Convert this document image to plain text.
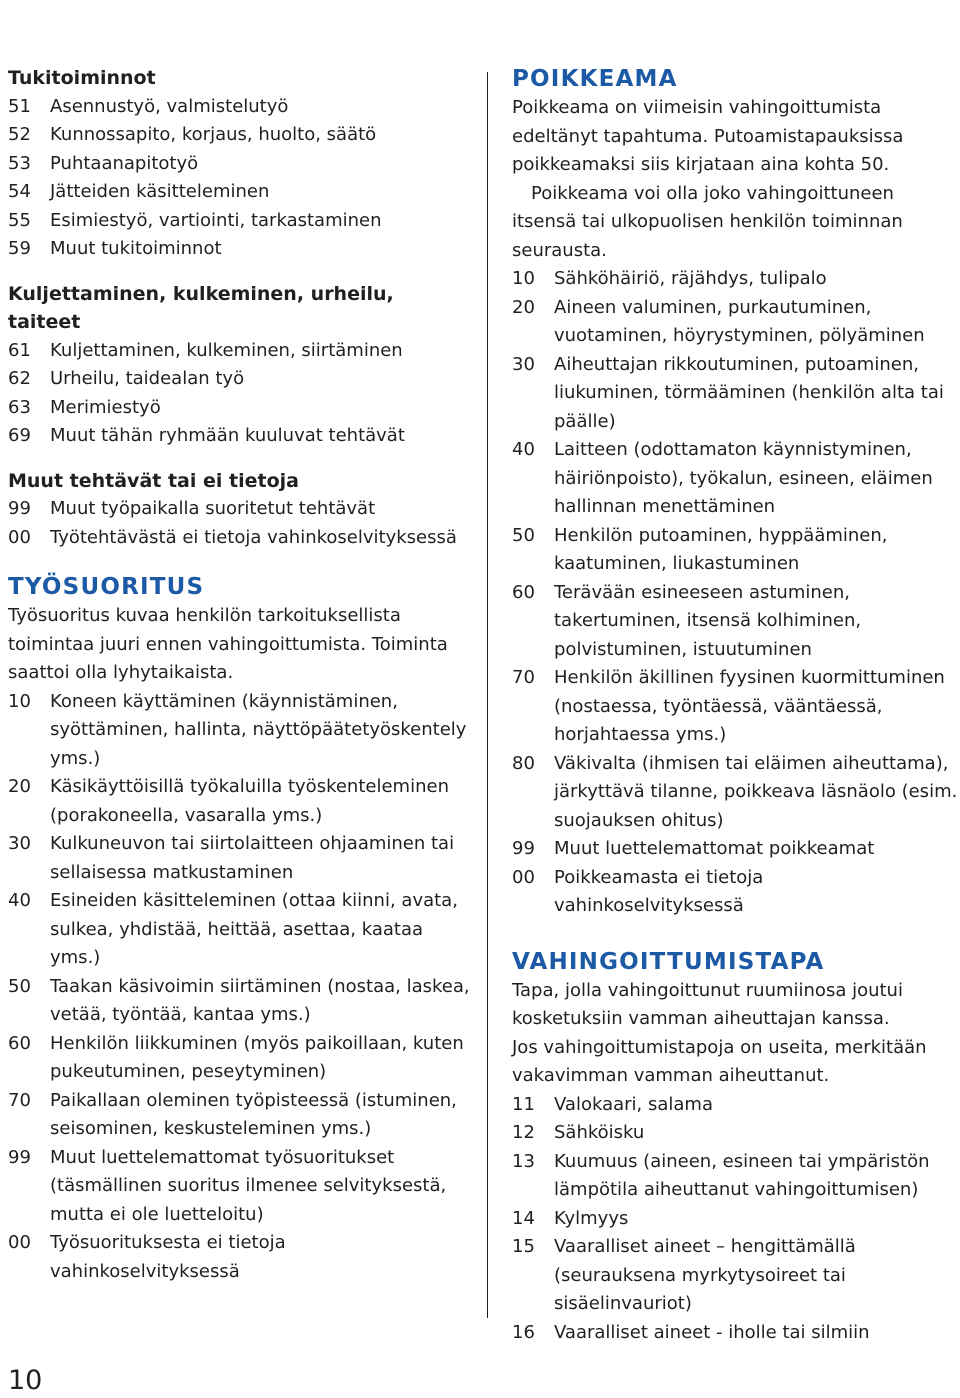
Tukitoiminnot
51	Asennustyö, valmistelutyö
52	Kunnossapito, korjaus, huolto, säätö
53	Puhtaanapitotyö
54	Jätteiden käsitteleminen
55	Esimiestyö, vartiointi, tarkastaminen
59	Muut tukitoiminnot
Kuljettaminen, kulkeminen, urheilu, taiteet
61	Kuljettaminen, kulkeminen, siirtäminen
62	Urheilu, taidealan työ
63	Merimiestyö
69	Muut tähän ryhmään kuuluvat tehtävät
Muut tehtävät tai ei tietoja
99	Muut työpaikalla suoritetut tehtävät
00	Työtehtävästä ei tietoja vahinkoselvityksessä
TYÖSUORITUS

Työsuoritus kuvaa henkilön tarkoituksellista toimintaa juuri ennen vahingoittumista. Toiminta saattoi olla lyhytaikaista.

10	Koneen käyttäminen (käynnistäminen, syöttäminen, hallinta, näyttöpäätetyöskentely yms.)
20	Käsikäyttöisillä työkaluilla työskenteleminen (porakoneella, vasaralla yms.)
30	Kulkuneuvon tai siirtolaitteen ohjaaminen tai sellaisessa matkustaminen
40	Esineiden käsitteleminen (ottaa kiinni, avata, sulkea, yhdistää, heittää, asettaa, kaataa yms.)
50	Taakan käsivoimin siirtäminen (nostaa, laskea, vetää, työntää, kantaa yms.)
60	Henkilön liikkuminen (myös paikoillaan, kuten pukeutuminen, peseytyminen)
70	Paikallaan oleminen työpisteessä (istuminen, seisominen, keskusteleminen yms.)
99	Muut luettelemattomat työsuoritukset (täsmällinen suoritus ilmenee selvityksestä, mutta ei ole luetteloitu)
00	Työsuorituksesta ei tietoja vahinkoselvityksessä
POIKKEAMA

Poikkeama on viimeisin vahingoittumista edeltänyt tapahtuma. Putoamistapauksissa poikkeamaksi siis kirjataan aina kohta 50.

Poikkeama voi olla joko vahingoittuneen itsensä tai ulkopuolisen henkilön toiminnan seurausta.

10	Sähköhäiriö, räjähdys, tulipalo
20	Aineen valuminen, purkautuminen, vuotaminen, höyrystyminen, pölyäminen
30	Aiheuttajan rikkoutuminen, putoaminen, liukuminen, törmääminen (henkilön alta tai päälle)
40	Laitteen (odottamaton käynnistyminen, häiriönpoisto), työkalun, esineen, eläimen hallinnan menettäminen
50	Henkilön putoaminen, hyppääminen, kaatuminen, liukastuminen
60	Terävään esineeseen astuminen, takertuminen, itsensä kolhiminen, polvistuminen, istuutuminen
70	Henkilön äkillinen fyysinen kuormittuminen (nostaessa, työntäessä, vääntäessä, horjahtaessa yms.)
80	Väkivalta (ihmisen tai eläimen aiheuttama), järkyttävä tilanne, poikkeava läsnäolo (esim. suojauksen ohitus)
99	Muut luettelemattomat poikkeamat
00	Poikkeamasta ei tietoja vahinkoselvityksessä
VAHINGOITTUMISTAPA

Tapa, jolla vahingoittunut ruumiinosa joutui kosketuksiin vamman aiheuttajan kanssa.

Jos vahingoittumistapoja on useita, merkitään vakavimman vamman aiheuttanut.

11	Valokaari, salama
12	Sähköisku
13	Kuumuus (aineen, esineen tai ympäristön lämpötila aiheuttanut vahingoittumisen)
14	Kylmyys
15	Vaaralliset aineet – hengittämällä (seurauksena myrkytysoireet tai sisäelinvauriot)
16	Vaaralliset aineet - iholle tai silmiin
10
